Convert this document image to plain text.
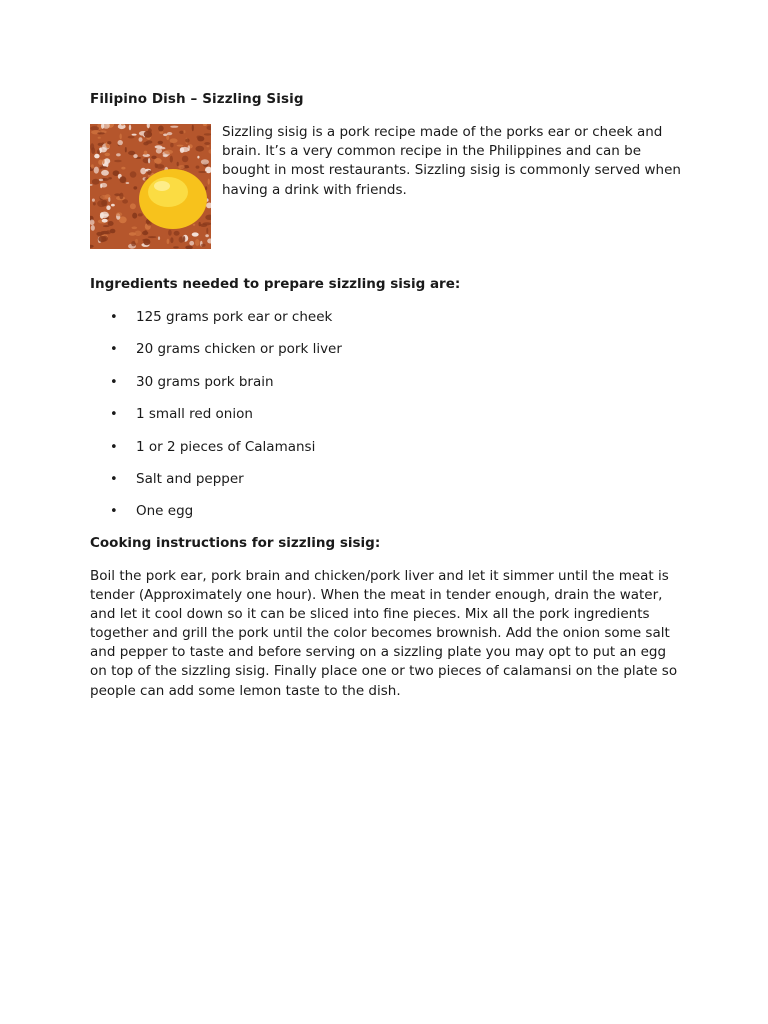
Filipino Dish – Sizzling Sisig

Sizzling sisig is a pork recipe made of the porks ear or cheek and brain. It’s a very common recipe in the Philippines and can be bought in most restaurants. Sizzling sisig is commonly served when having a drink with friends.

Ingredients needed to prepare sizzling sisig are:
• 125 grams pork ear or cheek
• 20 grams chicken or pork liver
• 30 grams pork brain
• 1 small red onion
• 1 or 2 pieces of Calamansi
• Salt and pepper
• One egg
Cooking instructions for sizzling sisig:

Boil the pork ear, pork brain and chicken/pork liver and let it simmer until the meat is tender (Approximately one hour). When the meat in tender enough, drain the water, and let it cool down so it can be sliced into fine pieces. Mix all the pork ingredients together and grill the pork until the color becomes brownish. Add the onion some salt and pepper to taste and before serving on a sizzling plate you may opt to put an egg on top of the sizzling sisig. Finally place one or two pieces of calamansi on the plate so people can add some lemon taste to the dish.
